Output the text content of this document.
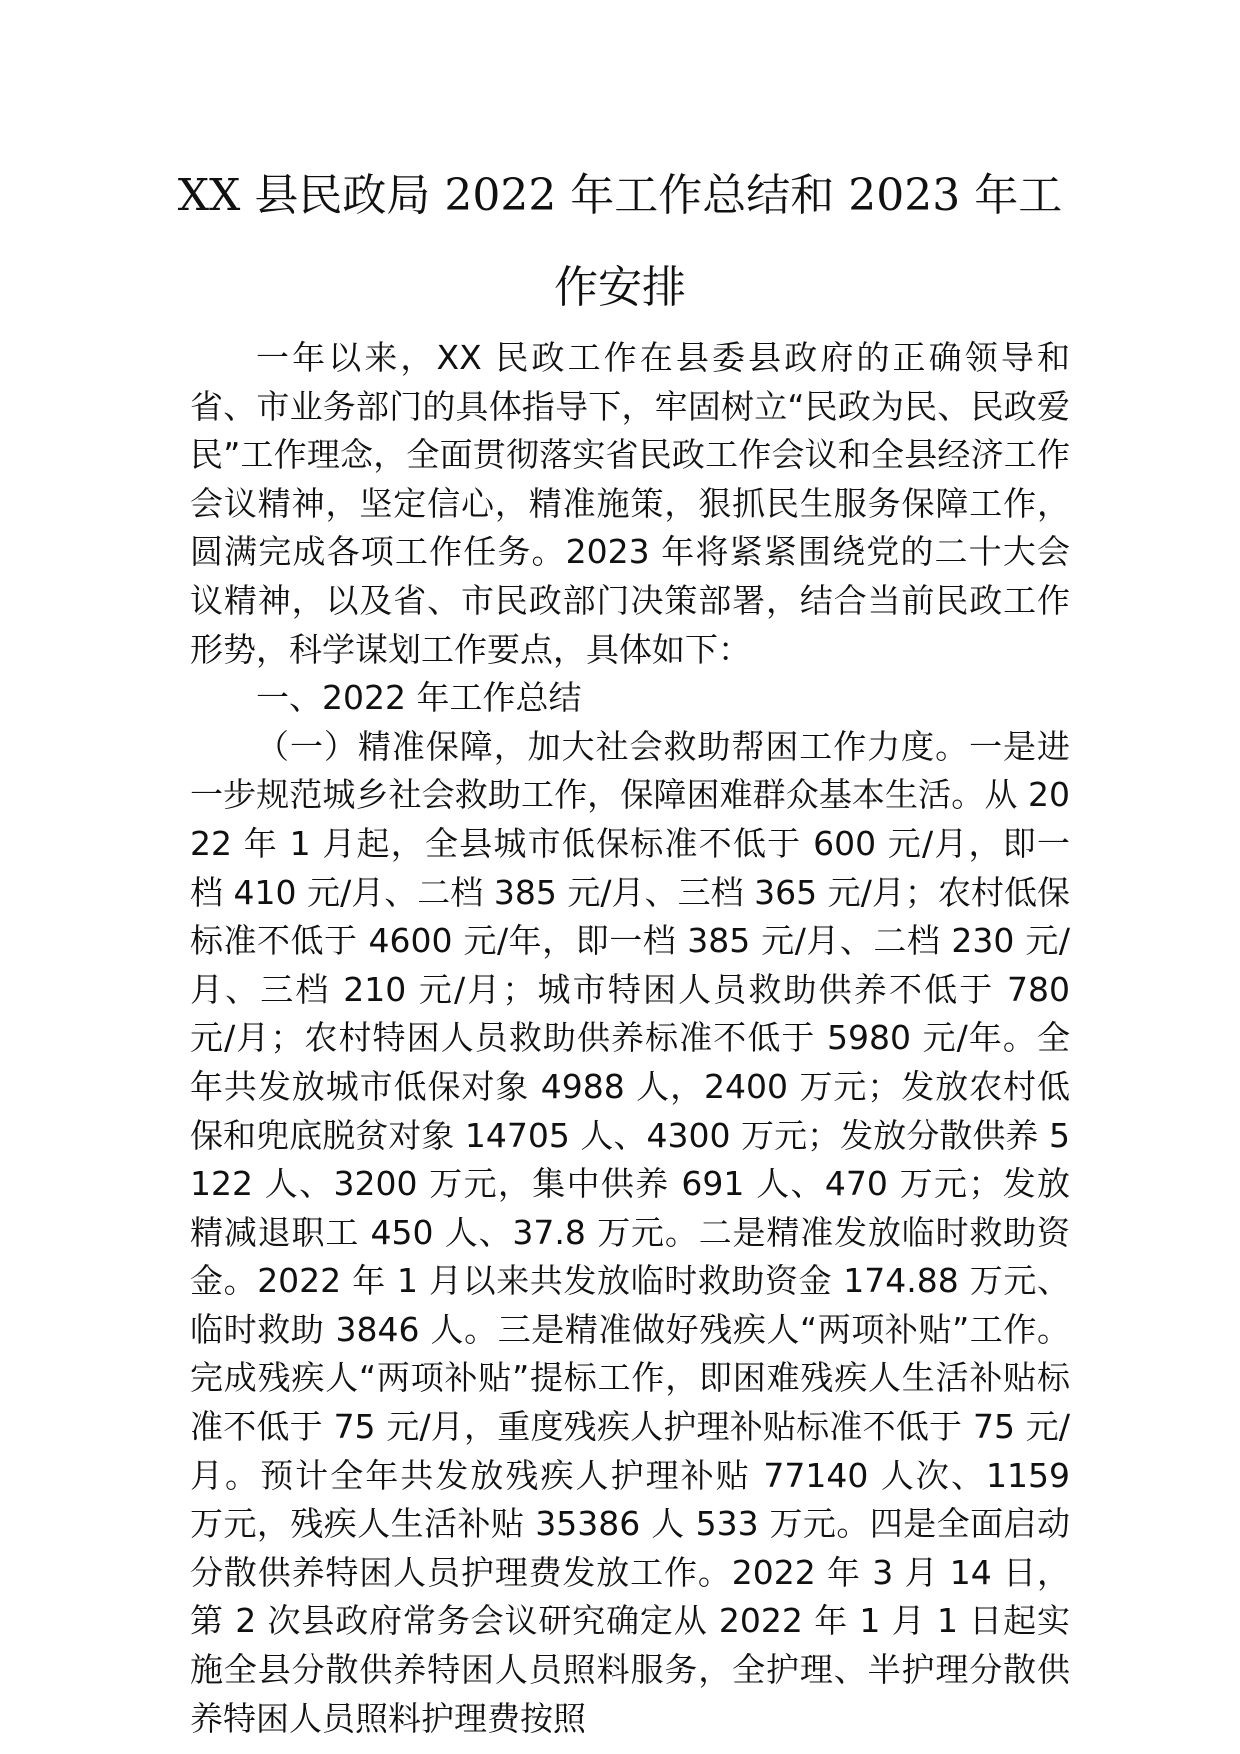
XX 县民政局 2022 年工作总结和 2023 年工
作安排

一年以来，XX 民政工作在县委县政府的正确领导和省、市业务部门的具体指导下，牢固树立“民政为民、民政爱民”工作理念，全面贯彻落实省民政工作会议和全县经济工作会议精神，坚定信心，精准施策，狠抓民生服务保障工作，圆满完成各项工作任务。2023 年将紧紧围绕党的二十大会议精神，以及省、市民政部门决策部署，结合当前民政工作形势，科学谋划工作要点，具体如下：

一、2022 年工作总结

（一）精准保障，加大社会救助帮困工作力度。一是进一步规范城乡社会救助工作，保障困难群众基本生活。从 2022 年 1 月起，全县城市低保标准不低于 600 元/月，即一档 410 元/月、二档 385 元/月、三档 365 元/月；农村低保标准不低于 4600 元/年，即一档 385 元/月、二档 230 元/月、三档 210 元/月；城市特困人员救助供养不低于 780 元/月；农村特困人员救助供养标准不低于 5980 元/年。全年共发放城市低保对象 4988 人，2400 万元；发放农村低保和兜底脱贫对象 14705 人、4300 万元；发放分散供养 5122 人、3200 万元，集中供养 691 人、470 万元；发放精减退职工 450 人、37.8 万元。二是精准发放临时救助资金。2022 年 1 月以来共发放临时救助资金 174.88 万元、临时救助 3846 人。三是精准做好残疾人“两项补贴”工作。完成残疾人“两项补贴”提标工作，即困难残疾人生活补贴标准不低于 75 元/月，重度残疾人护理补贴标准不低于 75 元/月。预计全年共发放残疾人护理补贴 77140 人次、1159 万元，残疾人生活补贴 35386 人 533 万元。四是全面启动分散供养特困人员护理费发放工作。2022 年 3 月 14 日，第 2 次县政府常务会议研究确定从 2022 年 1 月 1 日起实施全县分散供养特困人员照料服务，全护理、半护理分散供养特困人员照料护理费按照
